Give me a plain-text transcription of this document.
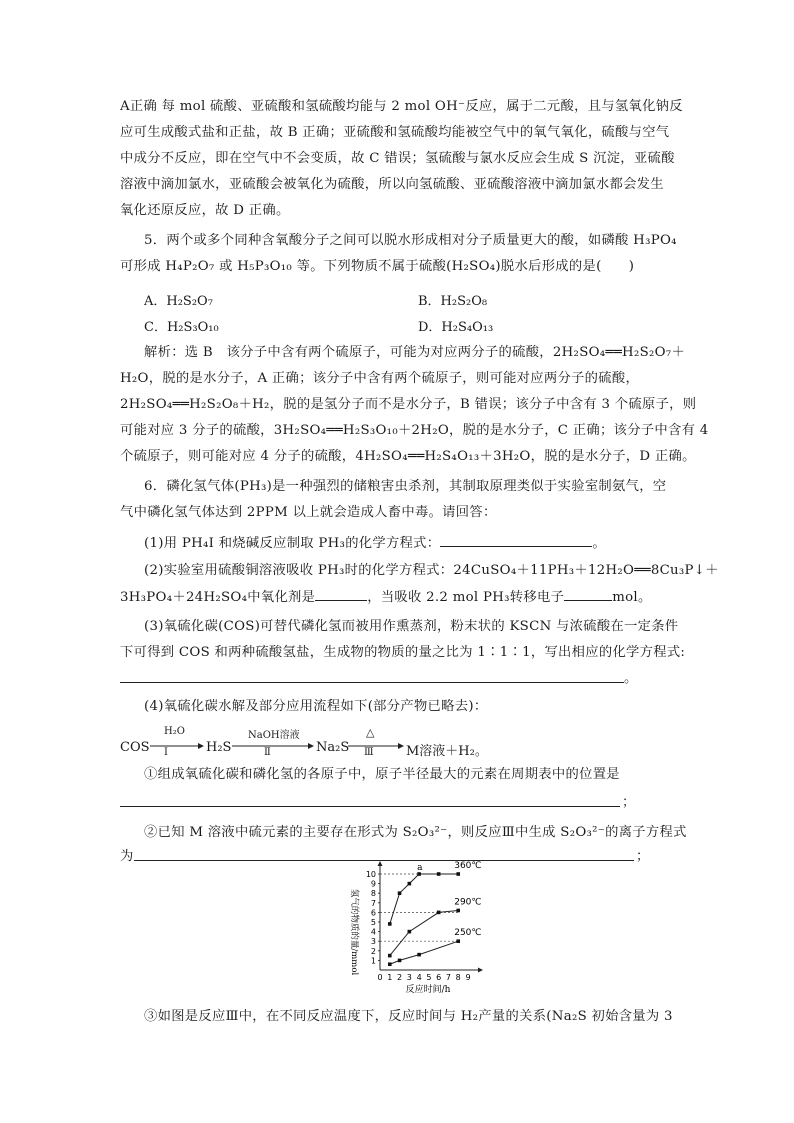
A正确 每 mol 硫酸、亚硫酸和氢硫酸均能与 2 mol OH⁻反应，属于二元酸，且与氢氧化钠反
应可生成酸式盐和正盐，故 B 正确；亚硫酸和氢硫酸均能被空气中的氧气氧化，硫酸与空气
中成分不反应，即在空气中不会变质，故 C 错误；氢硫酸与氯水反应会生成 S 沉淀，亚硫酸
溶液中滴加氯水，亚硫酸会被氧化为硫酸，所以向氢硫酸、亚硫酸溶液中滴加氯水都会发生
氧化还原反应，故 D 正确。
5．两个或多个同种含氧酸分子之间可以脱水形成相对分子质量更大的酸，如磷酸 H₃PO₄
可形成 H₄P₂O₇ 或 H₅P₃O₁₀ 等。下列物质不属于硫酸(H₂SO₄)脱水后形成的是(　　)
A．H₂S₂O₇	B．H₂S₂O₈
C．H₂S₃O₁₀	D．H₂S₄O₁₃
解析：选 B　该分子中含有两个硫原子，可能为对应两分子的硫酸，2H₂SO₄══H₂S₂O₇＋
H₂O，脱的是水分子，A 正确；该分子中含有两个硫原子，则可能对应两分子的硫酸，
2H₂SO₄══H₂S₂O₈＋H₂，脱的是氢分子而不是水分子，B 错误；该分子中含有 3 个硫原子，则
可能对应 3 分子的硫酸，3H₂SO₄══H₂S₃O₁₀＋2H₂O，脱的是水分子，C 正确；该分子中含有 4
个硫原子，则可能对应 4 分子的硫酸，4H₂SO₄══H₂S₄O₁₃＋3H₂O，脱的是水分子，D 正确。
6．磷化氢气体(PH₃)是一种强烈的储粮害虫杀剂，其制取原理类似于实验室制氨气，空
气中磷化氢气体达到 2PPM 以上就会造成人畜中毒。请回答：
(1)用 PH₄I 和烧碱反应制取 PH₃的化学方程式：	。
(2)实验室用硫酸铜溶液吸收 PH₃时的化学方程式：24CuSO₄＋11PH₃＋12H₂O══8Cu₃P↓＋
3H₃PO₄＋24H₂SO₄中氧化剂是	，当吸收 2.2 mol PH₃转移电子	mol。
(3)氧硫化碳(COS)可替代磷化氢而被用作熏蒸剂，粉末状的 KSCN 与浓硫酸在一定条件
下可得到 COS 和两种硫酸氢盐，生成物的物质的量之比为 1∶1∶1，写出相应的化学方程式:
。
(4)氧硫化碳水解及部分应用流程如下(部分产物已略去)：
COS
H₂O
Ⅰ	H₂S
NaOH溶液
Ⅱ	Na₂S
△
Ⅲ M溶液＋H₂。
①组成氧硫化碳和磷化氢的各原子中，原子半径最大的元素在周期表中的位置是
；
②已知 M 溶液中硫元素的主要存在形式为 S₂O₃²⁻，则反应Ⅲ中生成 S₂O₃²⁻的离子方程式
为	；
0 1 2 3 4 5 6 7 8 9
1
2
3
4
5
6
7
8
9
10
氢气的物质的量/mmol
反应时间/h
360℃
290℃
250℃
a
③如图是反应Ⅲ中，在不同反应温度下，反应时间与 H₂产量的关系(Na₂S 初始含量为 3
